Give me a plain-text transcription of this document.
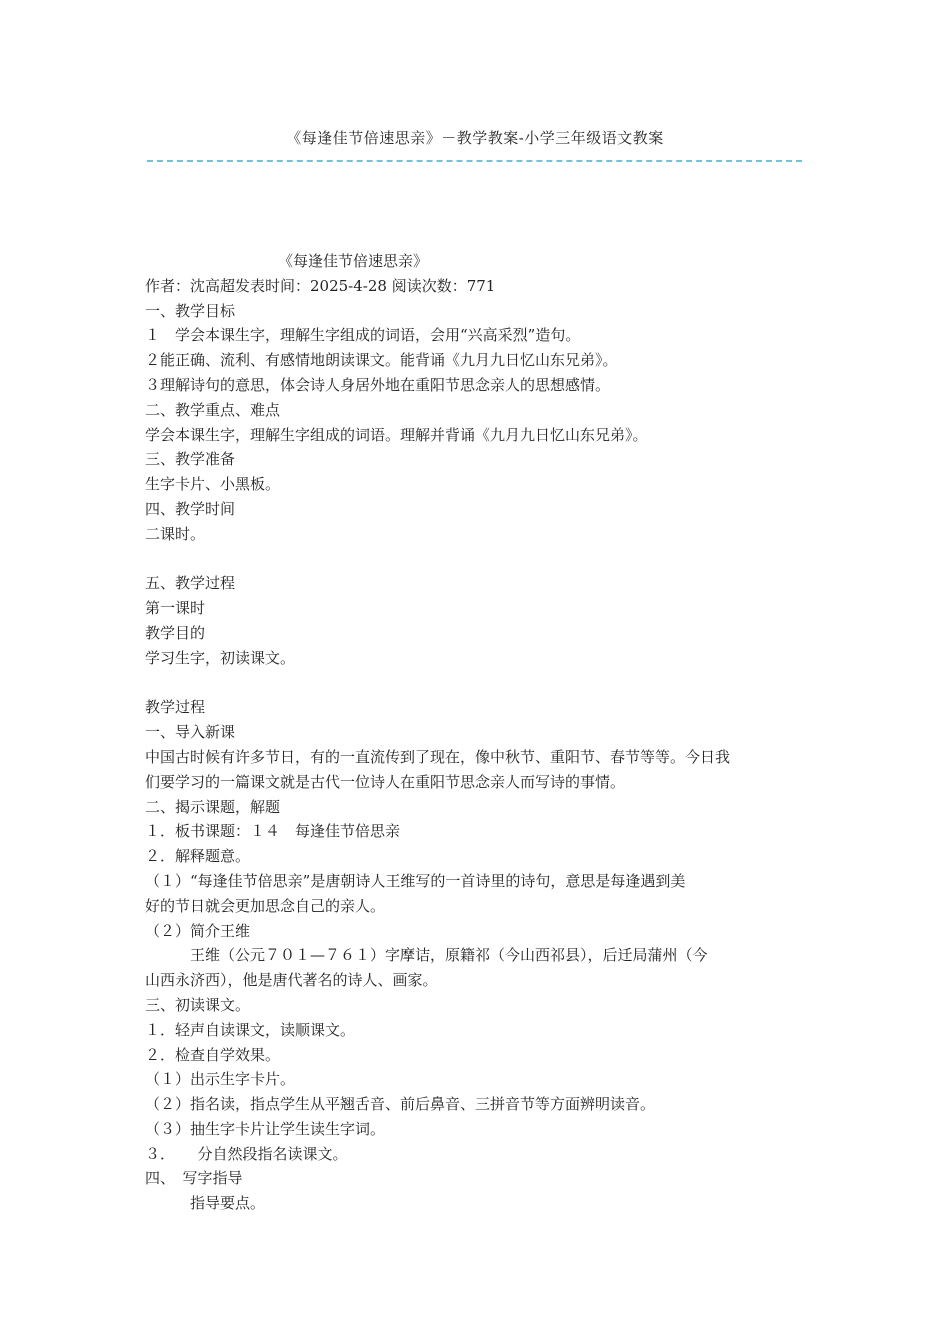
《每逢佳节倍速思亲》－教学教案-小学三年级语文教案
《每逢佳节倍速思亲》
作者：沈高超发表时间：2025-4-28 阅读次数：771
一、教学目标
１　学会本课生字，理解生字组成的词语，会用“兴高采烈”造句。
２能正确、流利、有感情地朗读课文。能背诵《九月九日忆山东兄弟》。
３理解诗句的意思，体会诗人身居外地在重阳节思念亲人的思想感情。
二、教学重点、难点
学会本课生字，理解生字组成的词语。理解并背诵《九月九日忆山东兄弟》。
三、教学准备
生字卡片、小黑板。
四、教学时间
二课时。
五、教学过程
第一课时
教学目的
学习生字，初读课文。
教学过程
一、导入新课
中国古时候有许多节日，有的一直流传到了现在，像中秋节、重阳节、春节等等。今日我
们要学习的一篇课文就是古代一位诗人在重阳节思念亲人而写诗的事情。
二、揭示课题，解题
１．板书课题：１４　每逢佳节倍思亲
２．解释题意。
（１）“每逢佳节倍思亲”是唐朝诗人王维写的一首诗里的诗句，意思是每逢遇到美
好的节日就会更加思念自己的亲人。
（２）简介王维
　　　王维（公元７０１—７６１）字摩诘，原籍祁（今山西祁县），后迁局蒲州（今
山西永济西），他是唐代著名的诗人、画家。
三、初读课文。
１．轻声自读课文，读顺课文。
２．检查自学效果。
（１）出示生字卡片。
（２）指名读，指点学生从平翘舌音、前后鼻音、三拼音节等方面辨明读音。
（３）抽生字卡片让学生读生字词。
３．　　分自然段指名读课文。
四、　写字指导
　　　指导要点。
